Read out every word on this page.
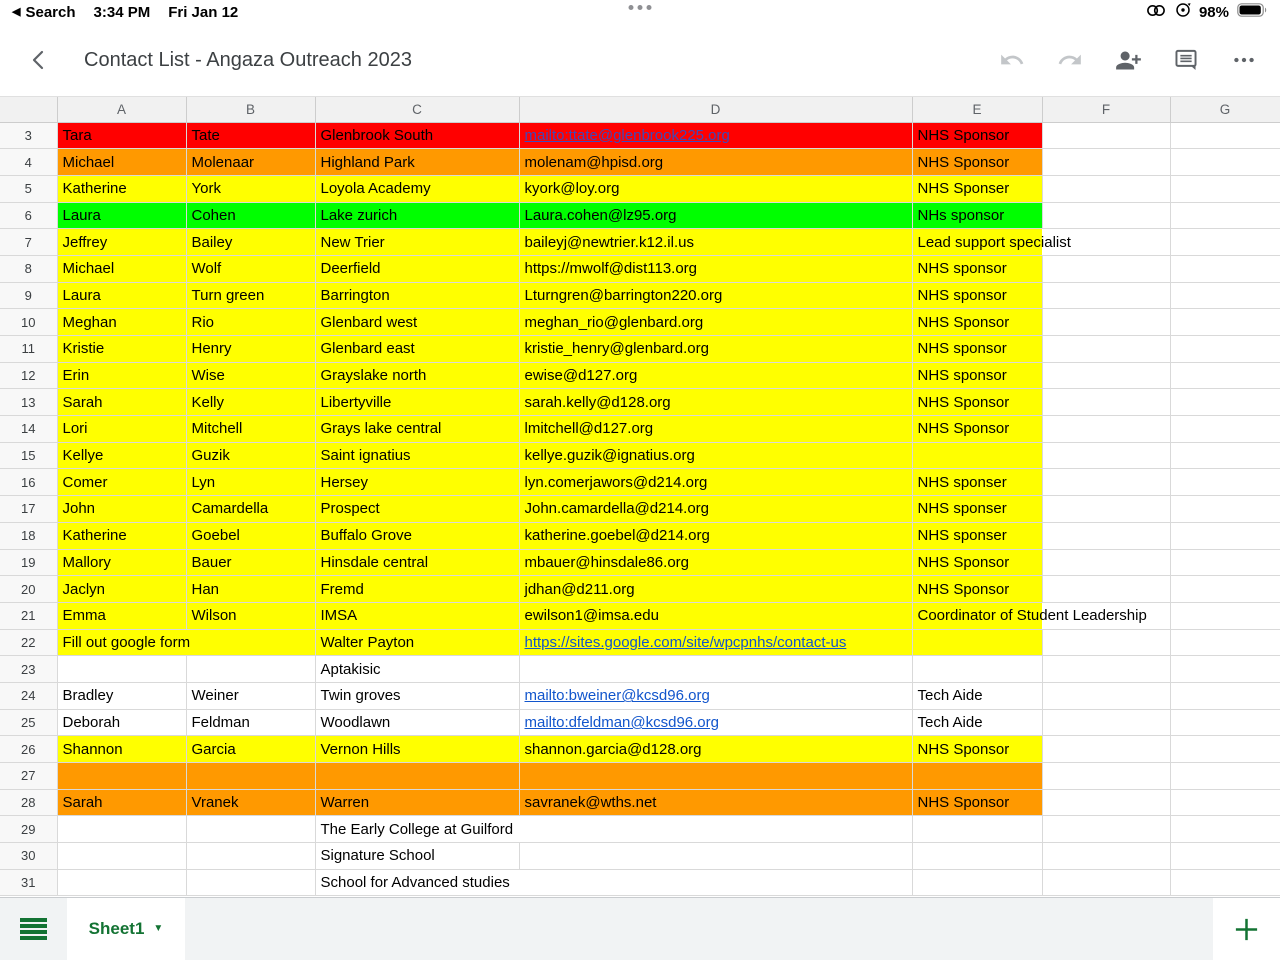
◀ Search 3:34 PM Fri Jan 12	98%
Contact List - Angaza Outreach 2023
	A	B	C	D	E	F	G
3	Tara	Tate	Glenbrook South	mailto:ttate@glenbrook225.org	NHS Sponsor		
4	Michael	Molenaar	Highland Park	molenam@hpisd.org	NHS Sponsor		
5	Katherine	York	Loyola Academy	kyork@loy.org	NHS Sponser		
6	Laura	Cohen	Lake zurich	Laura.cohen@lz95.org	NHs sponsor		
7	Jeffrey	Bailey	New Trier	baileyj@newtrier.k12.il.us	Lead support specialist		
8	Michael	Wolf	Deerfield	https://mwolf@dist113.org	NHS sponsor		
9	Laura	Turn green	Barrington	Lturngren@barrington220.org	NHS sponsor		
10	Meghan	Rio	Glenbard west	meghan_rio@glenbard.org	NHS Sponsor		
11	Kristie	Henry	Glenbard east	kristie_henry@glenbard.org	NHS sponsor		
12	Erin	Wise	Grayslake north	ewise@d127.org	NHS sponsor		
13	Sarah	Kelly	Libertyville	sarah.kelly@d128.org	NHS Sponsor		
14	Lori	Mitchell	Grays lake central	lmitchell@d127.org	NHS Sponsor		
15	Kellye	Guzik	Saint ignatius	kellye.guzik@ignatius.org			
16	Comer	Lyn	Hersey	lyn.comerjawors@d214.org	NHS sponser		
17	John	Camardella	Prospect	John.camardella@d214.org	NHS sponser		
18	Katherine	Goebel	Buffalo Grove	katherine.goebel@d214.org	NHS sponser		
19	Mallory	Bauer	Hinsdale central	mbauer@hinsdale86.org	NHS Sponsor		
20	Jaclyn	Han	Fremd	jdhan@d211.org	NHS Sponsor		
21	Emma	Wilson	IMSA	ewilson1@imsa.edu	Coordinator of Student Leadership		
22	Fill out google form		Walter Payton	https://sites.google.com/site/wpcpnhs/contact-us			
23			Aptakisic				
24	Bradley	Weiner	Twin groves	mailto:bweiner@kcsd96.org	Tech Aide		
25	Deborah	Feldman	Woodlawn	mailto:dfeldman@kcsd96.org	Tech Aide		
26	Shannon	Garcia	Vernon Hills	shannon.garcia@d128.org	NHS Sponsor		
27							
28	Sarah	Vranek	Warren	savranek@wths.net	NHS Sponsor		
29			The Early College at Guilford				
30			Signature School				
31			School for Advanced studies				
Sheet1 ▼
